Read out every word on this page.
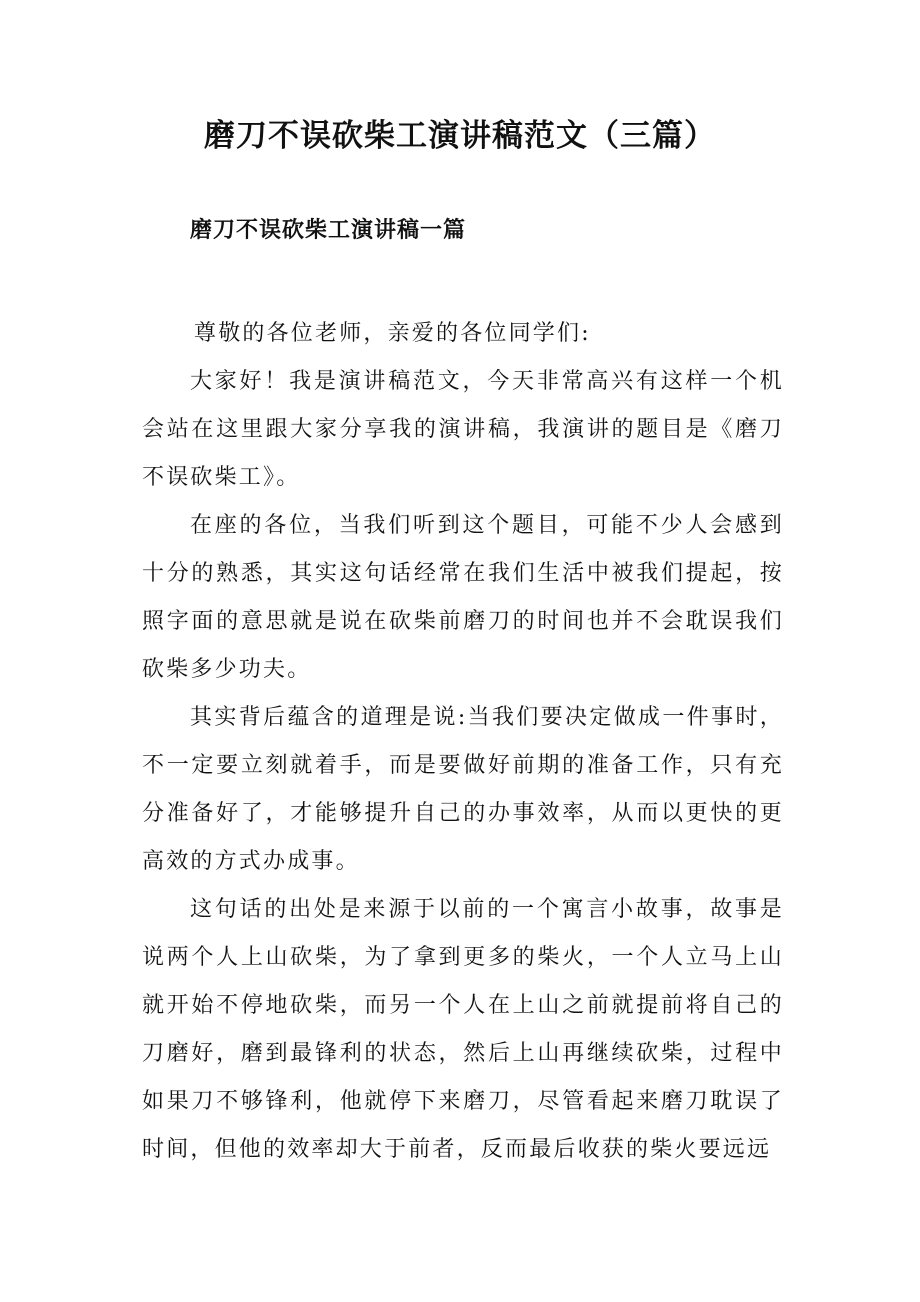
磨刀不误砍柴工演讲稿范文（三篇）
磨刀不误砍柴工演讲稿一篇

尊敬的各位老师，亲爱的各位同学们:

大家好！我是演讲稿范文，今天非常高兴有这样一个机会站在这里跟大家分享我的演讲稿，我演讲的题目是《磨刀不误砍柴工》。

在座的各位，当我们听到这个题目，可能不少人会感到十分的熟悉，其实这句话经常在我们生活中被我们提起，按照字面的意思就是说在砍柴前磨刀的时间也并不会耽误我们砍柴多少功夫。

其实背后蕴含的道理是说:当我们要决定做成一件事时，不一定要立刻就着手，而是要做好前期的准备工作，只有充分准备好了，才能够提升自己的办事效率，从而以更快的更高效的方式办成事。

这句话的出处是来源于以前的一个寓言小故事，故事是说两个人上山砍柴，为了拿到更多的柴火，一个人立马上山就开始不停地砍柴，而另一个人在上山之前就提前将自己的刀磨好，磨到最锋利的状态，然后上山再继续砍柴，过程中如果刀不够锋利，他就停下来磨刀，尽管看起来磨刀耽误了时间，但他的效率却大于前者，反而最后收获的柴火要远远
